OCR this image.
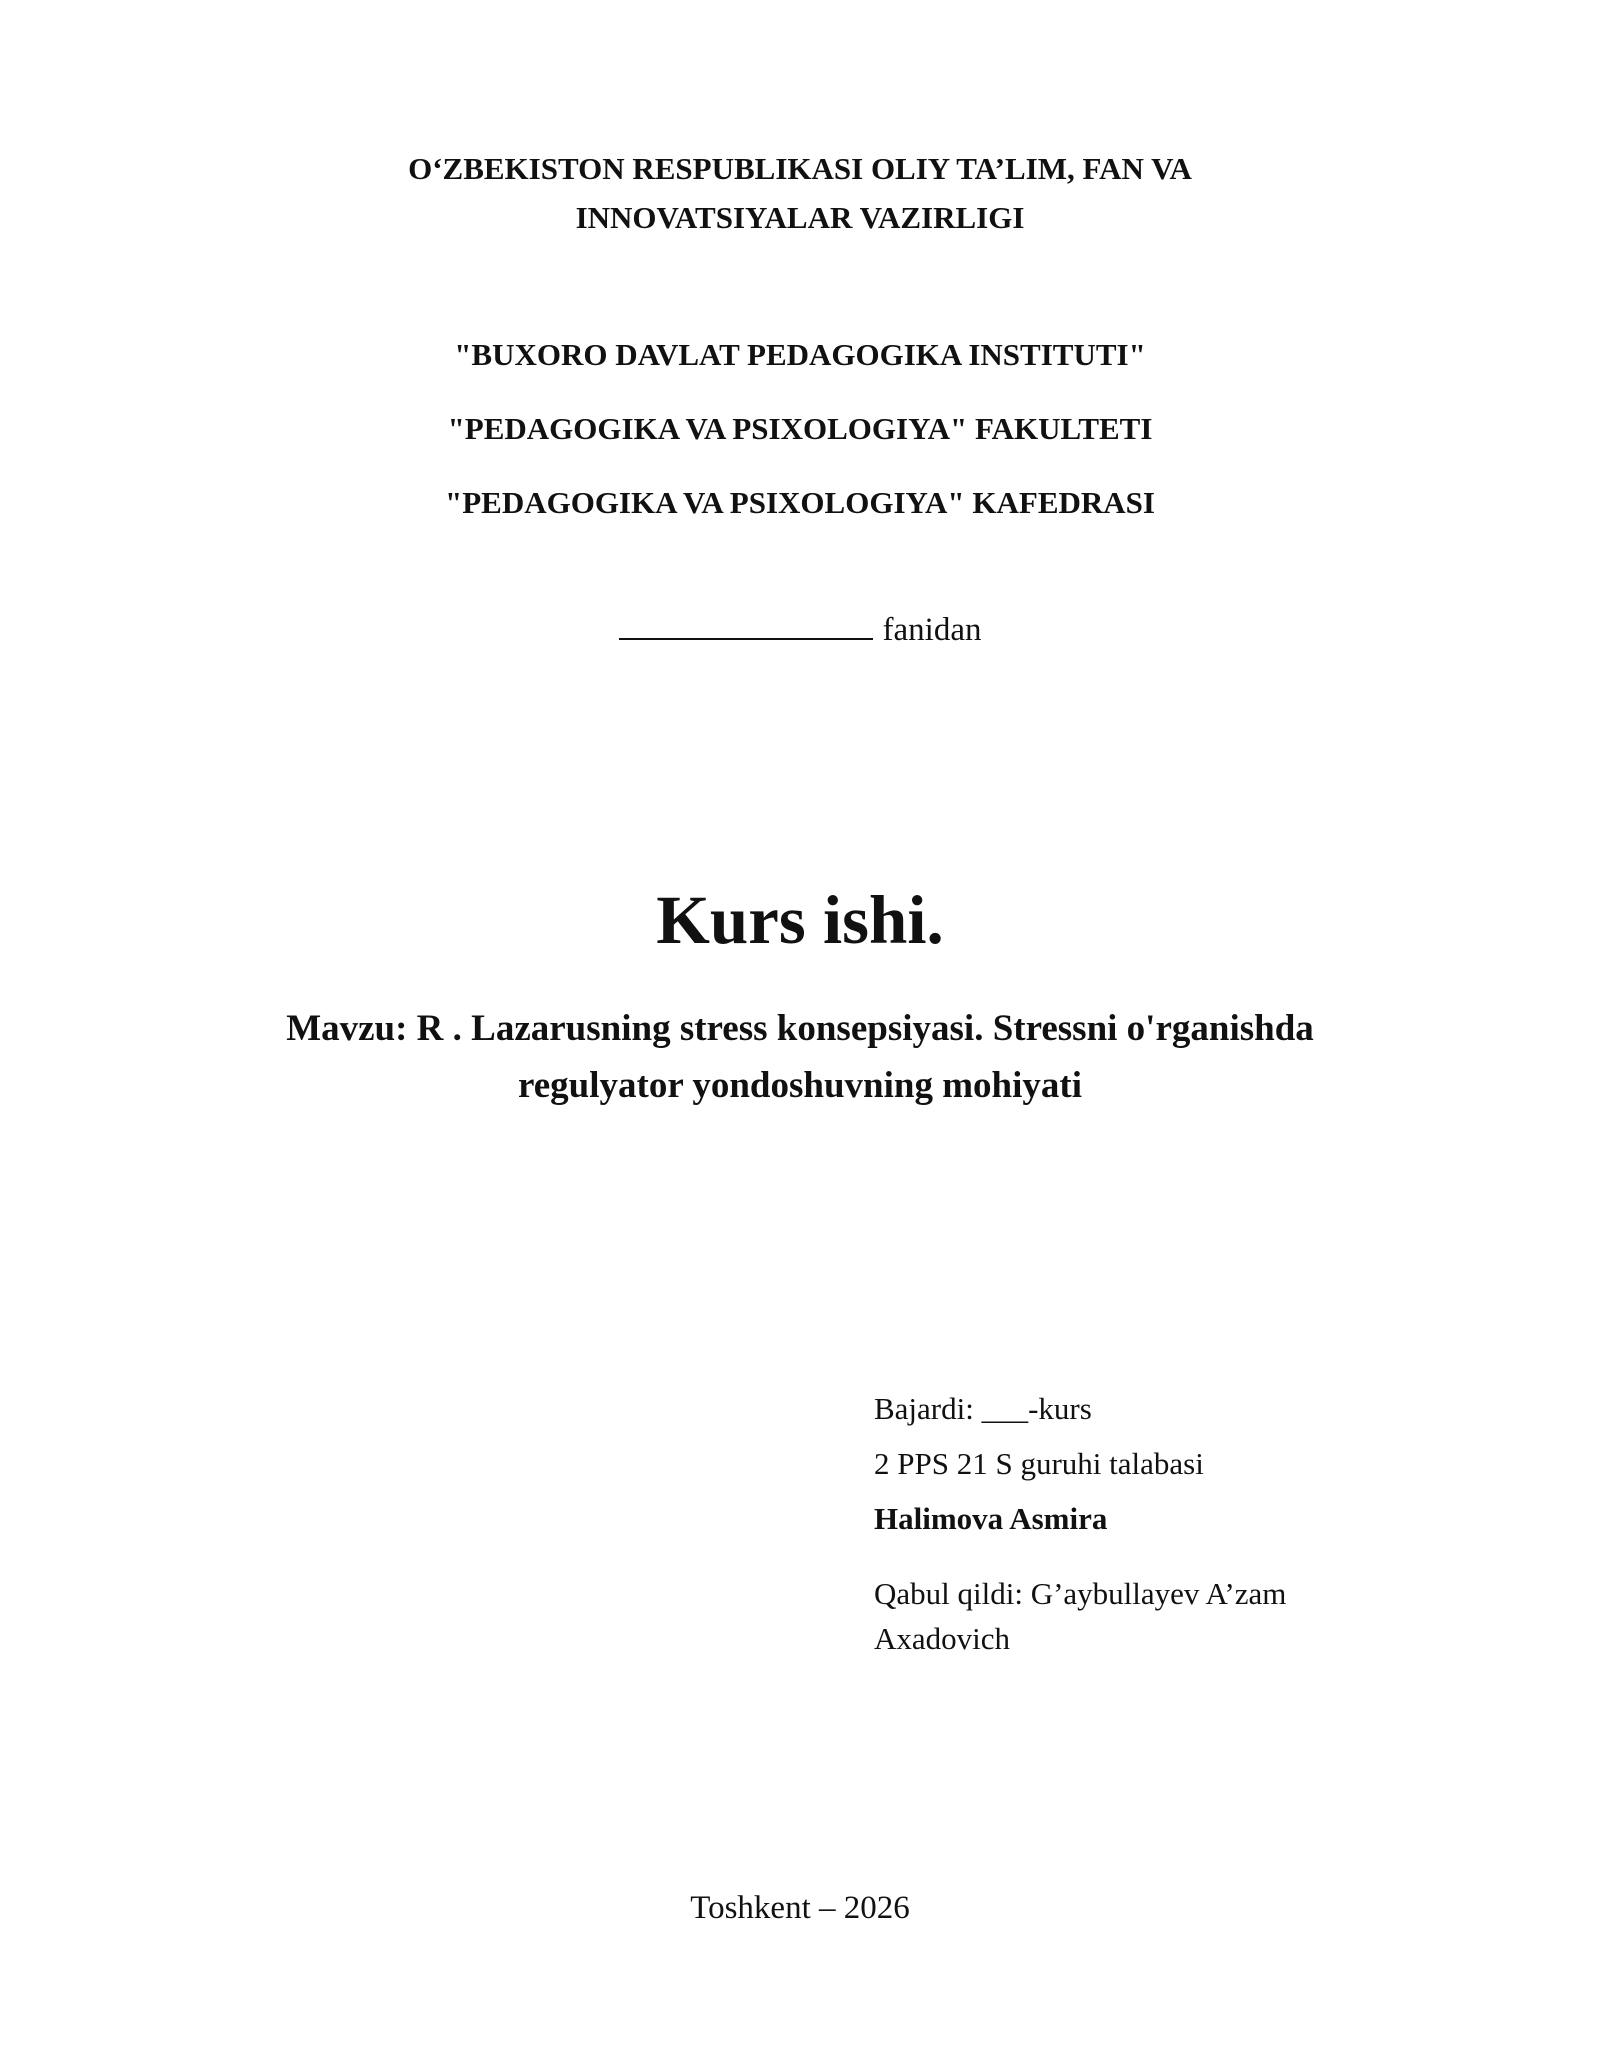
O‘ZBEKISTON RESPUBLIKASI OLIY TA’LIM, FAN VA
INNOVATSIYALAR VAZIRLIGI
"BUXORO DAVLAT PEDAGOGIKA INSTITUTI"
"PEDAGOGIKA VA PSIXOLOGIYA" FAKULTETI
"PEDAGOGIKA VA PSIXOLOGIYA" KAFEDRASI
fanidan
Kurs ishi.
Mavzu: R . Lazarusning stress konsepsiyasi. Stressni o'rganishda
regulyator yondoshuvning mohiyati
Bajardi: ___-kurs
2 PPS 21 S guruhi talabasi
Halimova Asmira
Qabul qildi: G’aybullayev A’zam
Axadovich
Toshkent – 2026
